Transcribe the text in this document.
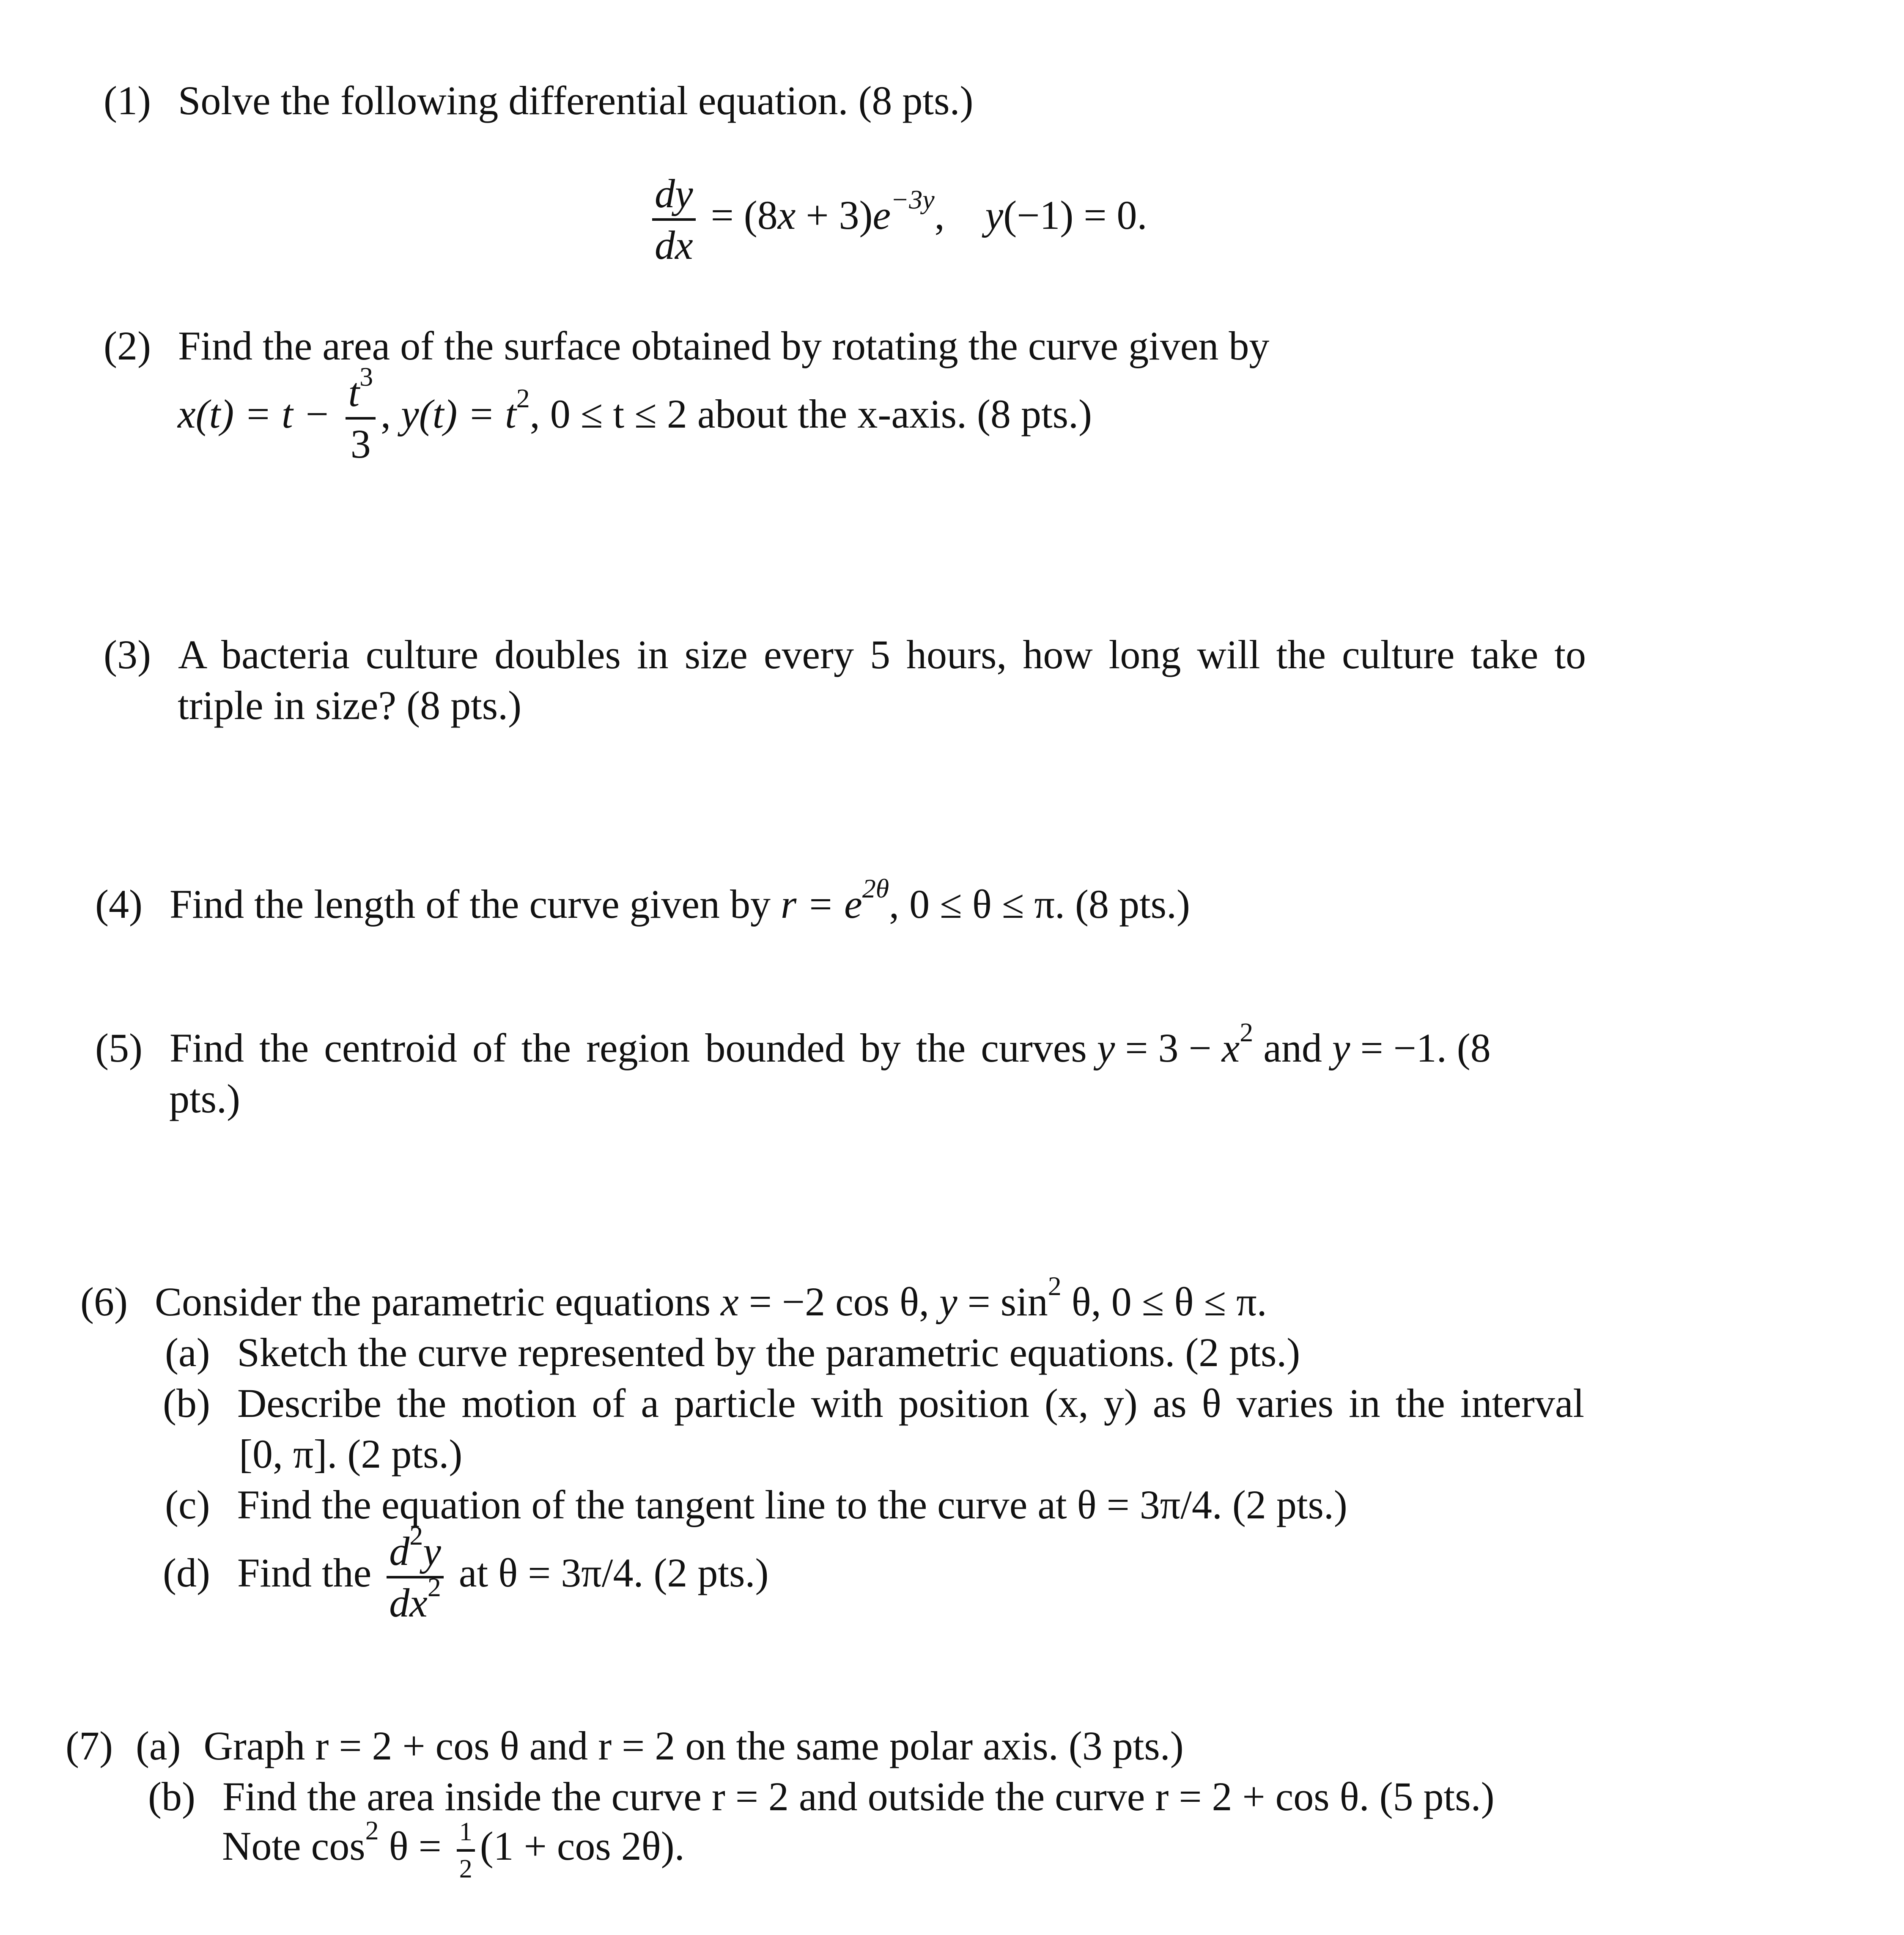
(1) Solve the following differential equation. (8 pts.)
$\frac{dy}{dx} = (8x + 3)e^{-3y}$,    y(−1) = 0.
(2) Find the area of the surface obtained by rotating the curve given by
$x(t) = t - \frac{t^3}{3}$ , $y(t) = t^2$, 0 ≤ t ≤ 2 about the x-axis. (8 pts.)
(3) A bacteria culture doubles in size every 5 hours, how long will the culture take to
triple in size? (8 pts.)
(4) Find the length of the curve given by $r = e^{2\theta}$, 0 ≤ θ ≤ π. (8 pts.)
(5) Find the centroid of the region bounded by the curves $y = 3 - x^2$ and y = −1. (8
pts.)
(6) Consider the parametric equations x = −2 cos θ, $y = \sin^2 \theta$, 0 ≤ θ ≤ π.
(a) Sketch the curve represented by the parametric equations. (2 pts.)
(b) Describe the motion of a particle with position (x, y) as θ varies in the interval
[0, π]. (2 pts.)
(c) Find the equation of the tangent line to the curve at θ = 3π/4. (2 pts.)
(d) Find the $\frac{d^2y}{dx^2}$ at θ = 3π/4. (2 pts.)
(7) (a) Graph r = 2 + cos θ and r = 2 on the same polar axis. (3 pts.)
(b) Find the area inside the curve r = 2 and outside the curve r = 2 + cos θ. (5 pts.)
Note $\cos^2 \theta = \frac{1}{2} (1 + \cos 2\theta)$.
